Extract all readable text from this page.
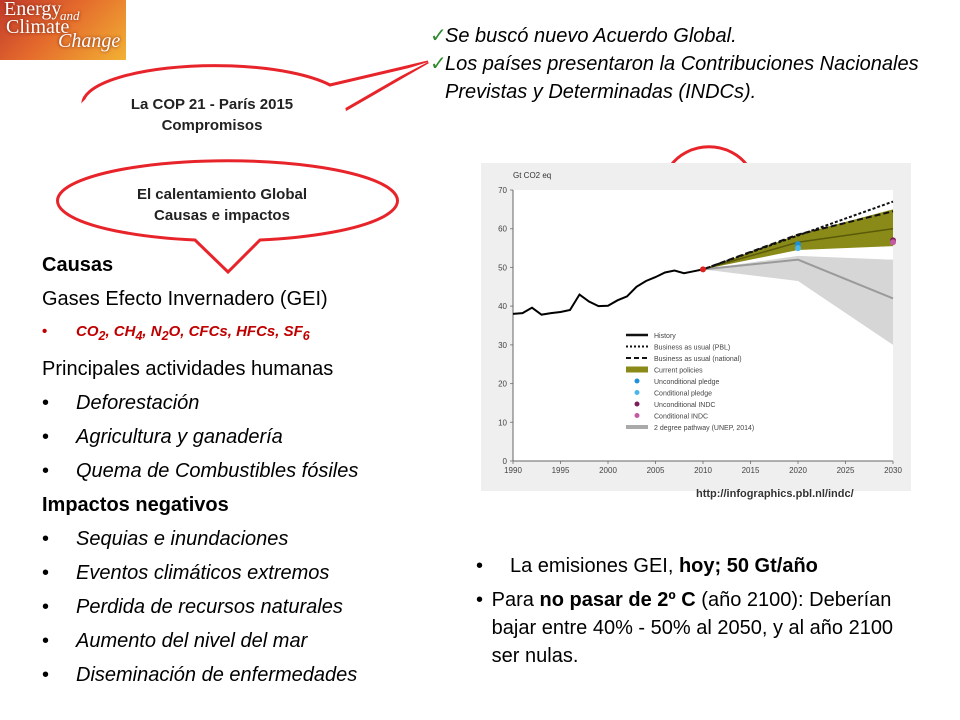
Energy
and
Climate
Change	✓
Se buscó nuevo Acuerdo Global.
✓
Los países presentaron la Contribuciones Nacionales Previstas y Determinadas (INDCs).
La COP 21 - París 2015
Compromisos
El calentamiento Global
Causas e impactos
Causas
Gases Efecto Invernadero (GEI)
•	$CO_2$, $CH_4$, $N_2O$, CFCs, HFCs, $SF_6$
Principales actividades humanas
•	Deforestación
•	Agricultura y ganadería
•	Quema de Combustibles fósiles
Impactos negativos
•	Sequias e inundaciones
•	Eventos climáticos extremos
•	Perdida de recursos naturales
•	Aumento del nivel del mar
•	Diseminación de enfermedades
0
10
20
30
40
50
60
70
1990	1995	2000	2005	2010	2015	2020	2025	2030
Gt CO2 eq
History
Business as usual (PBL)
Business as usual (national)
Current policies
Unconditional pledge
Conditional pledge
Unconditional INDC
Conditional INDC
2 degree pathway (UNEP, 2014)
http://infographics.pbl.nl/indc/
•	La emisiones GEI, hoy; 50 Gt/año
• Para no pasar de 2º C (año 2100): Deberían bajar entre 40% - 50% al 2050, y al año 2100 ser nulas.
